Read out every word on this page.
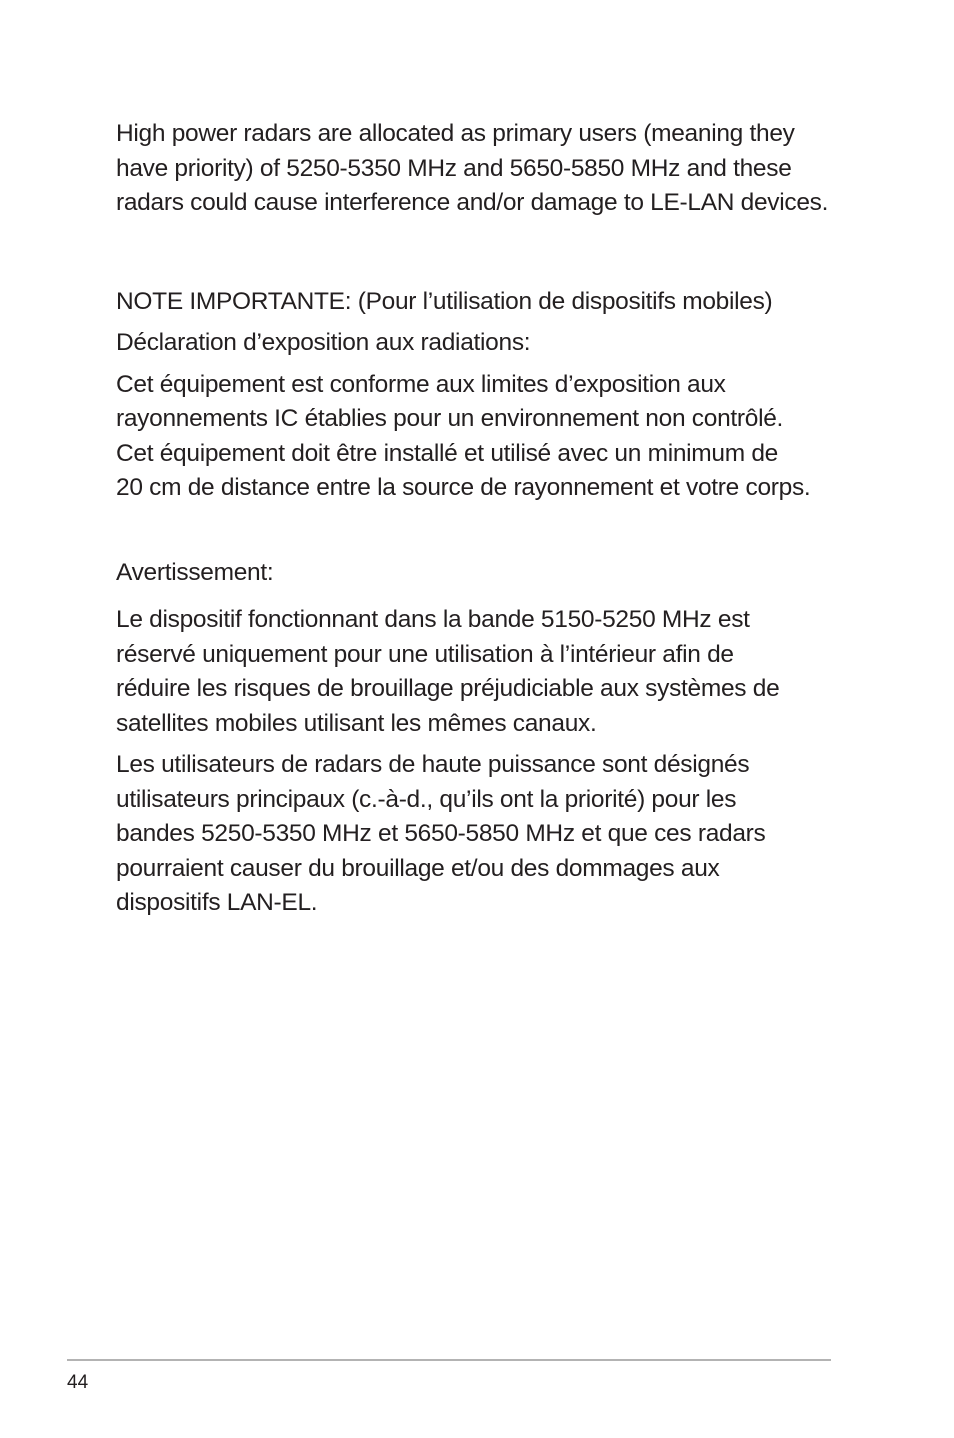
High power radars are allocated as primary users (meaning they
have priority) of 5250-5350 MHz and 5650-5850 MHz and these
radars could cause interference and/or damage to LE-LAN devices.

NOTE IMPORTANTE: (Pour l’utilisation de dispositifs mobiles)

Déclaration d’exposition aux radiations:

Cet équipement est conforme aux limites d’exposition aux
rayonnements IC établies pour un environnement non contrôlé.
Cet équipement doit être installé et utilisé avec un minimum de
20 cm de distance entre la source de rayonnement et votre corps.

Avertissement:

Le dispositif fonctionnant dans la bande 5150-5250 MHz est
réservé uniquement pour une utilisation à l’intérieur afin de
réduire les risques de brouillage préjudiciable aux systèmes de
satellites mobiles utilisant les mêmes canaux.

Les utilisateurs de radars de haute puissance sont désignés
utilisateurs principaux (c.-à-d., qu’ils ont la priorité) pour les
bandes 5250-5350 MHz et 5650-5850 MHz et que ces radars
pourraient causer du brouillage et/ou des dommages aux
dispositifs LAN-EL.

44
